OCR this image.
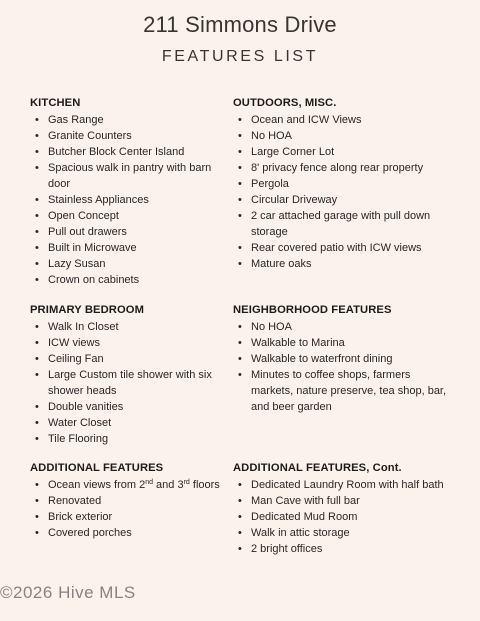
211 Simmons Drive
FEATURES LIST
KITCHEN
• Gas Range
• Granite Counters
• Butcher Block Center Island
• Spacious walk in pantry with barn door
• Stainless Appliances
• Open Concept
• Pull out drawers
• Built in Microwave
• Lazy Susan
• Crown on cabinets
OUTDOORS, MISC.
• Ocean and ICW Views
• No HOA
• Large Corner Lot
• 8' privacy fence along rear property
• Pergola
• Circular Driveway
• 2 car attached garage with pull down storage
• Rear covered patio with ICW views
• Mature oaks
PRIMARY BEDROOM
• Walk In Closet
• ICW views
• Ceiling Fan
• Large Custom tile shower with six shower heads
• Double vanities
• Water Closet
• Tile Flooring
NEIGHBORHOOD FEATURES
• No HOA
• Walkable to Marina
• Walkable to waterfront dining
• Minutes to coffee shops, farmers markets, nature preserve, tea shop, bar, and beer garden
ADDITIONAL FEATURES
• Ocean views from 2nd and 3rd floors
• Renovated
• Brick exterior
• Covered porches
ADDITIONAL FEATURES, Cont.
• Dedicated Laundry Room with half bath
• Man Cave with full bar
• Dedicated Mud Room
• Walk in attic storage
• 2 bright offices
©2026 Hive MLS
